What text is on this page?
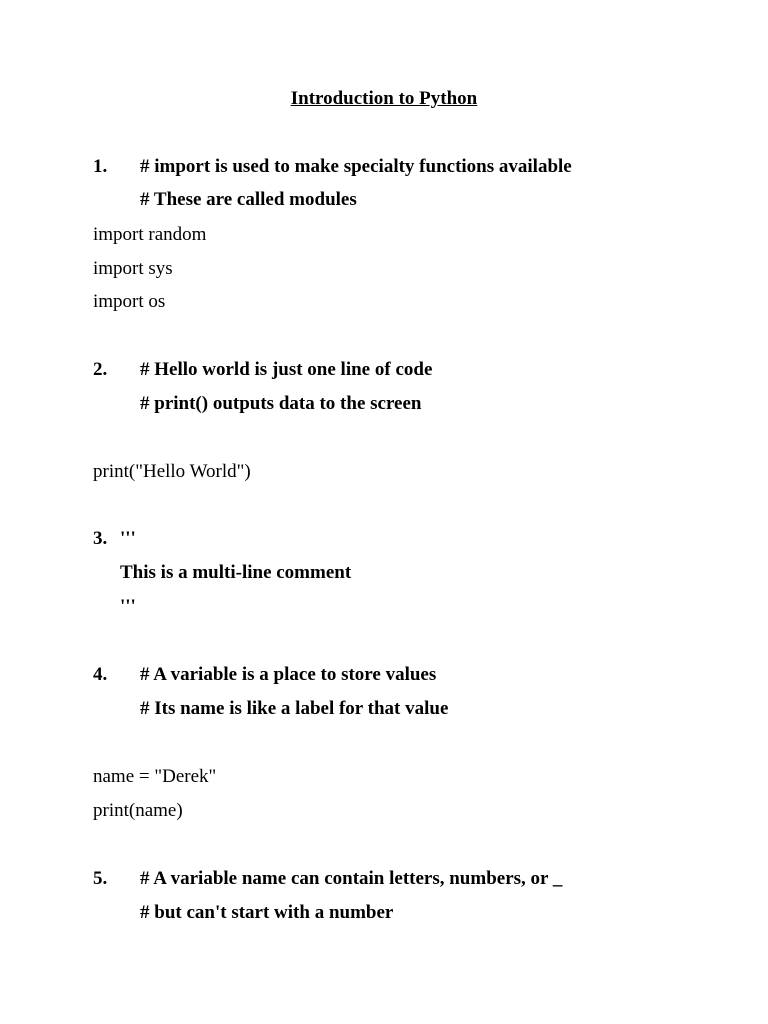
Introduction to Python
1. # import is used to make specialty functions available
# These are called modules
import random
import sys
import os
2. # Hello world is just one line of code
# print() outputs data to the screen
print("Hello World")
3. '''
This is a multi-line comment
'''
4. # A variable is a place to store values
# Its name is like a label for that value
name = "Derek"
print(name)
5. # A variable name can contain letters, numbers, or _
# but can't start with a number
